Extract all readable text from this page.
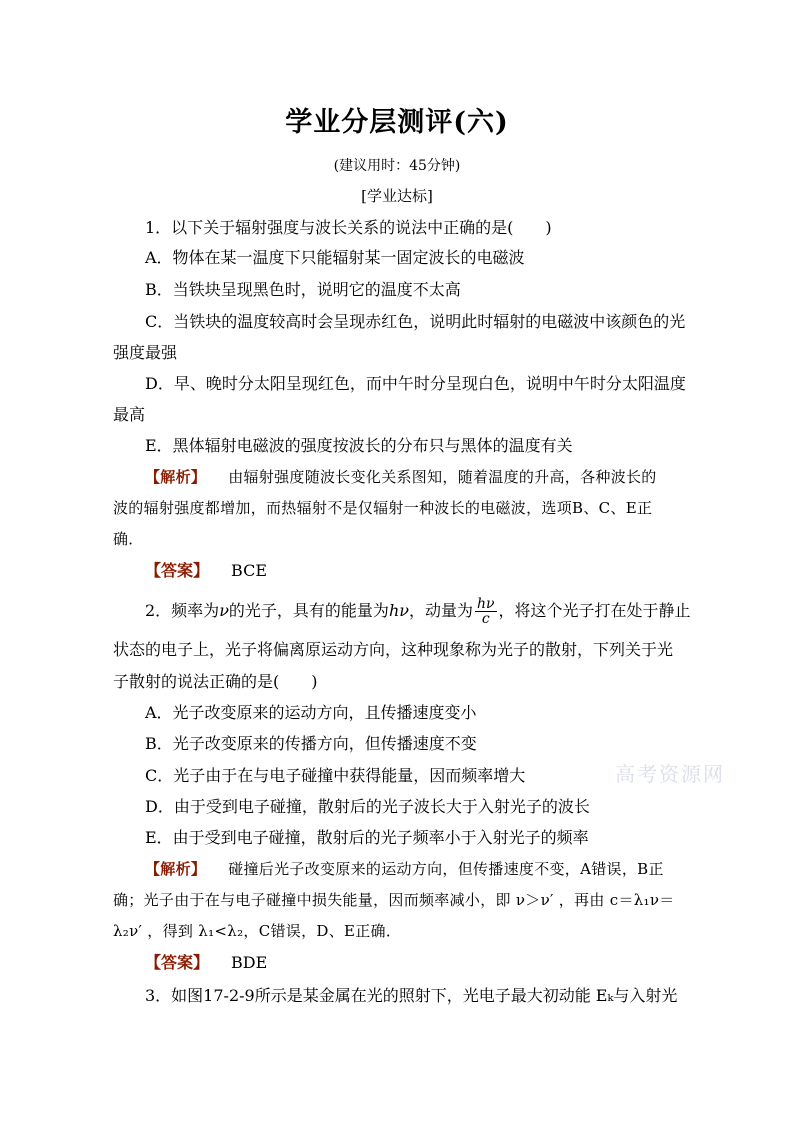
学业分层测评(六)
(建议用时：45分钟)
[学业达标]
1．以下关于辐射强度与波长关系的说法中正确的是(　　)
A．物体在某一温度下只能辐射某一固定波长的电磁波
B．当铁块呈现黑色时，说明它的温度不太高
C．当铁块的温度较高时会呈现赤红色，说明此时辐射的电磁波中该颜色的光
强度最强
D．早、晚时分太阳呈现红色，而中午时分呈现白色，说明中午时分太阳温度
最高
E．黑体辐射电磁波的强度按波长的分布只与黑体的温度有关
【解析】 由辐射强度随波长变化关系图知，随着温度的升高，各种波长的
波的辐射强度都增加，而热辐射不是仅辐射一种波长的电磁波，选项B、C、E正
确．
【答案】 BCE
2．频率为ν的光子，具有的能量为hν，动量为 $\frac{h\nu}{c}$ ，将这个光子打在处于静止
状态的电子上，光子将偏离原运动方向，这种现象称为光子的散射，下列关于光
子散射的说法正确的是(　　)
A．光子改变原来的运动方向，且传播速度变小
B．光子改变原来的传播方向，但传播速度不变
C．光子由于在与电子碰撞中获得能量，因而频率增大
D．由于受到电子碰撞，散射后的光子波长大于入射光子的波长
E．由于受到电子碰撞，散射后的光子频率小于入射光子的频率
【解析】 碰撞后光子改变原来的运动方向，但传播速度不变，A错误，B正
确；光子由于在与电子碰撞中损失能量，因而频率减小，即 ν＞ν′ ，再由 c＝λ₁ν＝
λ₂ν′ ，得到 λ₁<λ₂，C错误，D、E正确．
【答案】 BDE
3．如图17-2-9所示是某金属在光的照射下，光电子最大初动能 Eₖ与入射光
高考资源网
